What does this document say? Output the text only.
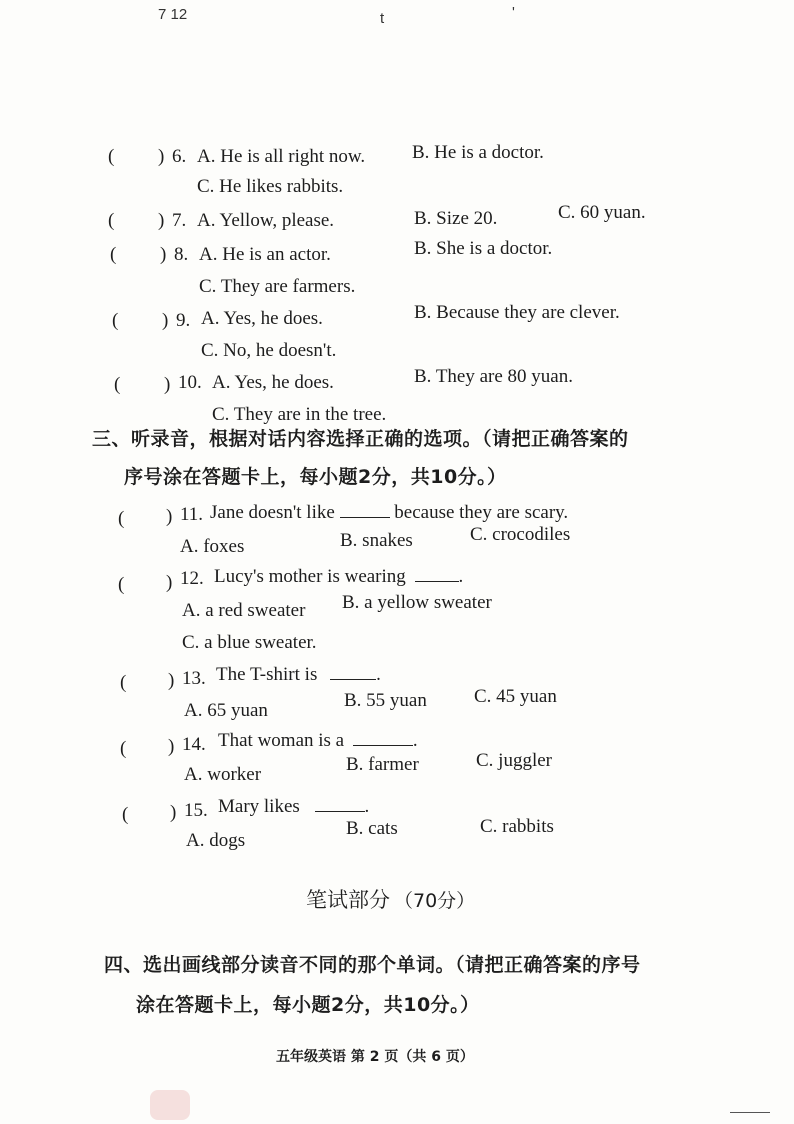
7 12	t	'
( ) 6. A. He is all right now. B. He is a doctor.
C. He likes rabbits.
( ) 7. A. Yellow, please.	B. Size 20.	C. 60 yuan.
( ) 8. A. He is an actor.	B. She is a doctor.
C. They are farmers.
( ) 9. A. Yes, he does.	B. Because they are clever.
C. No, he doesn't.
( ) 10. A. Yes, he does.	B. They are 80 yuan.
C. They are in the tree.
三、听录音，根据对话内容选择正确的选项。（请把正确答案的
序号涂在答题卡上，每小题2分，共10分。）
( ) 11. Jane doesn't like	because they are scary.
A. foxes	B. snakes	C. crocodiles
( ) 12. Lucy's mother is wearing	.
A. a red sweater B. a yellow sweater
C. a blue sweater.
( ) 13. The T-shirt is	.
A. 65 yuan	B. 55 yuan C. 45 yuan
( ) 14. That woman is a	.
A. worker	B. farmer	C. juggler
( ) 15. Mary likes	.
A. dogs
B. cats	C. rabbits
笔试部分 （70分）
四、选出画线部分读音不同的那个单词。（请把正确答案的序号
涂在答题卡上，每小题2分，共10分。）
五年级英语 第 2 页（共 6 页）
